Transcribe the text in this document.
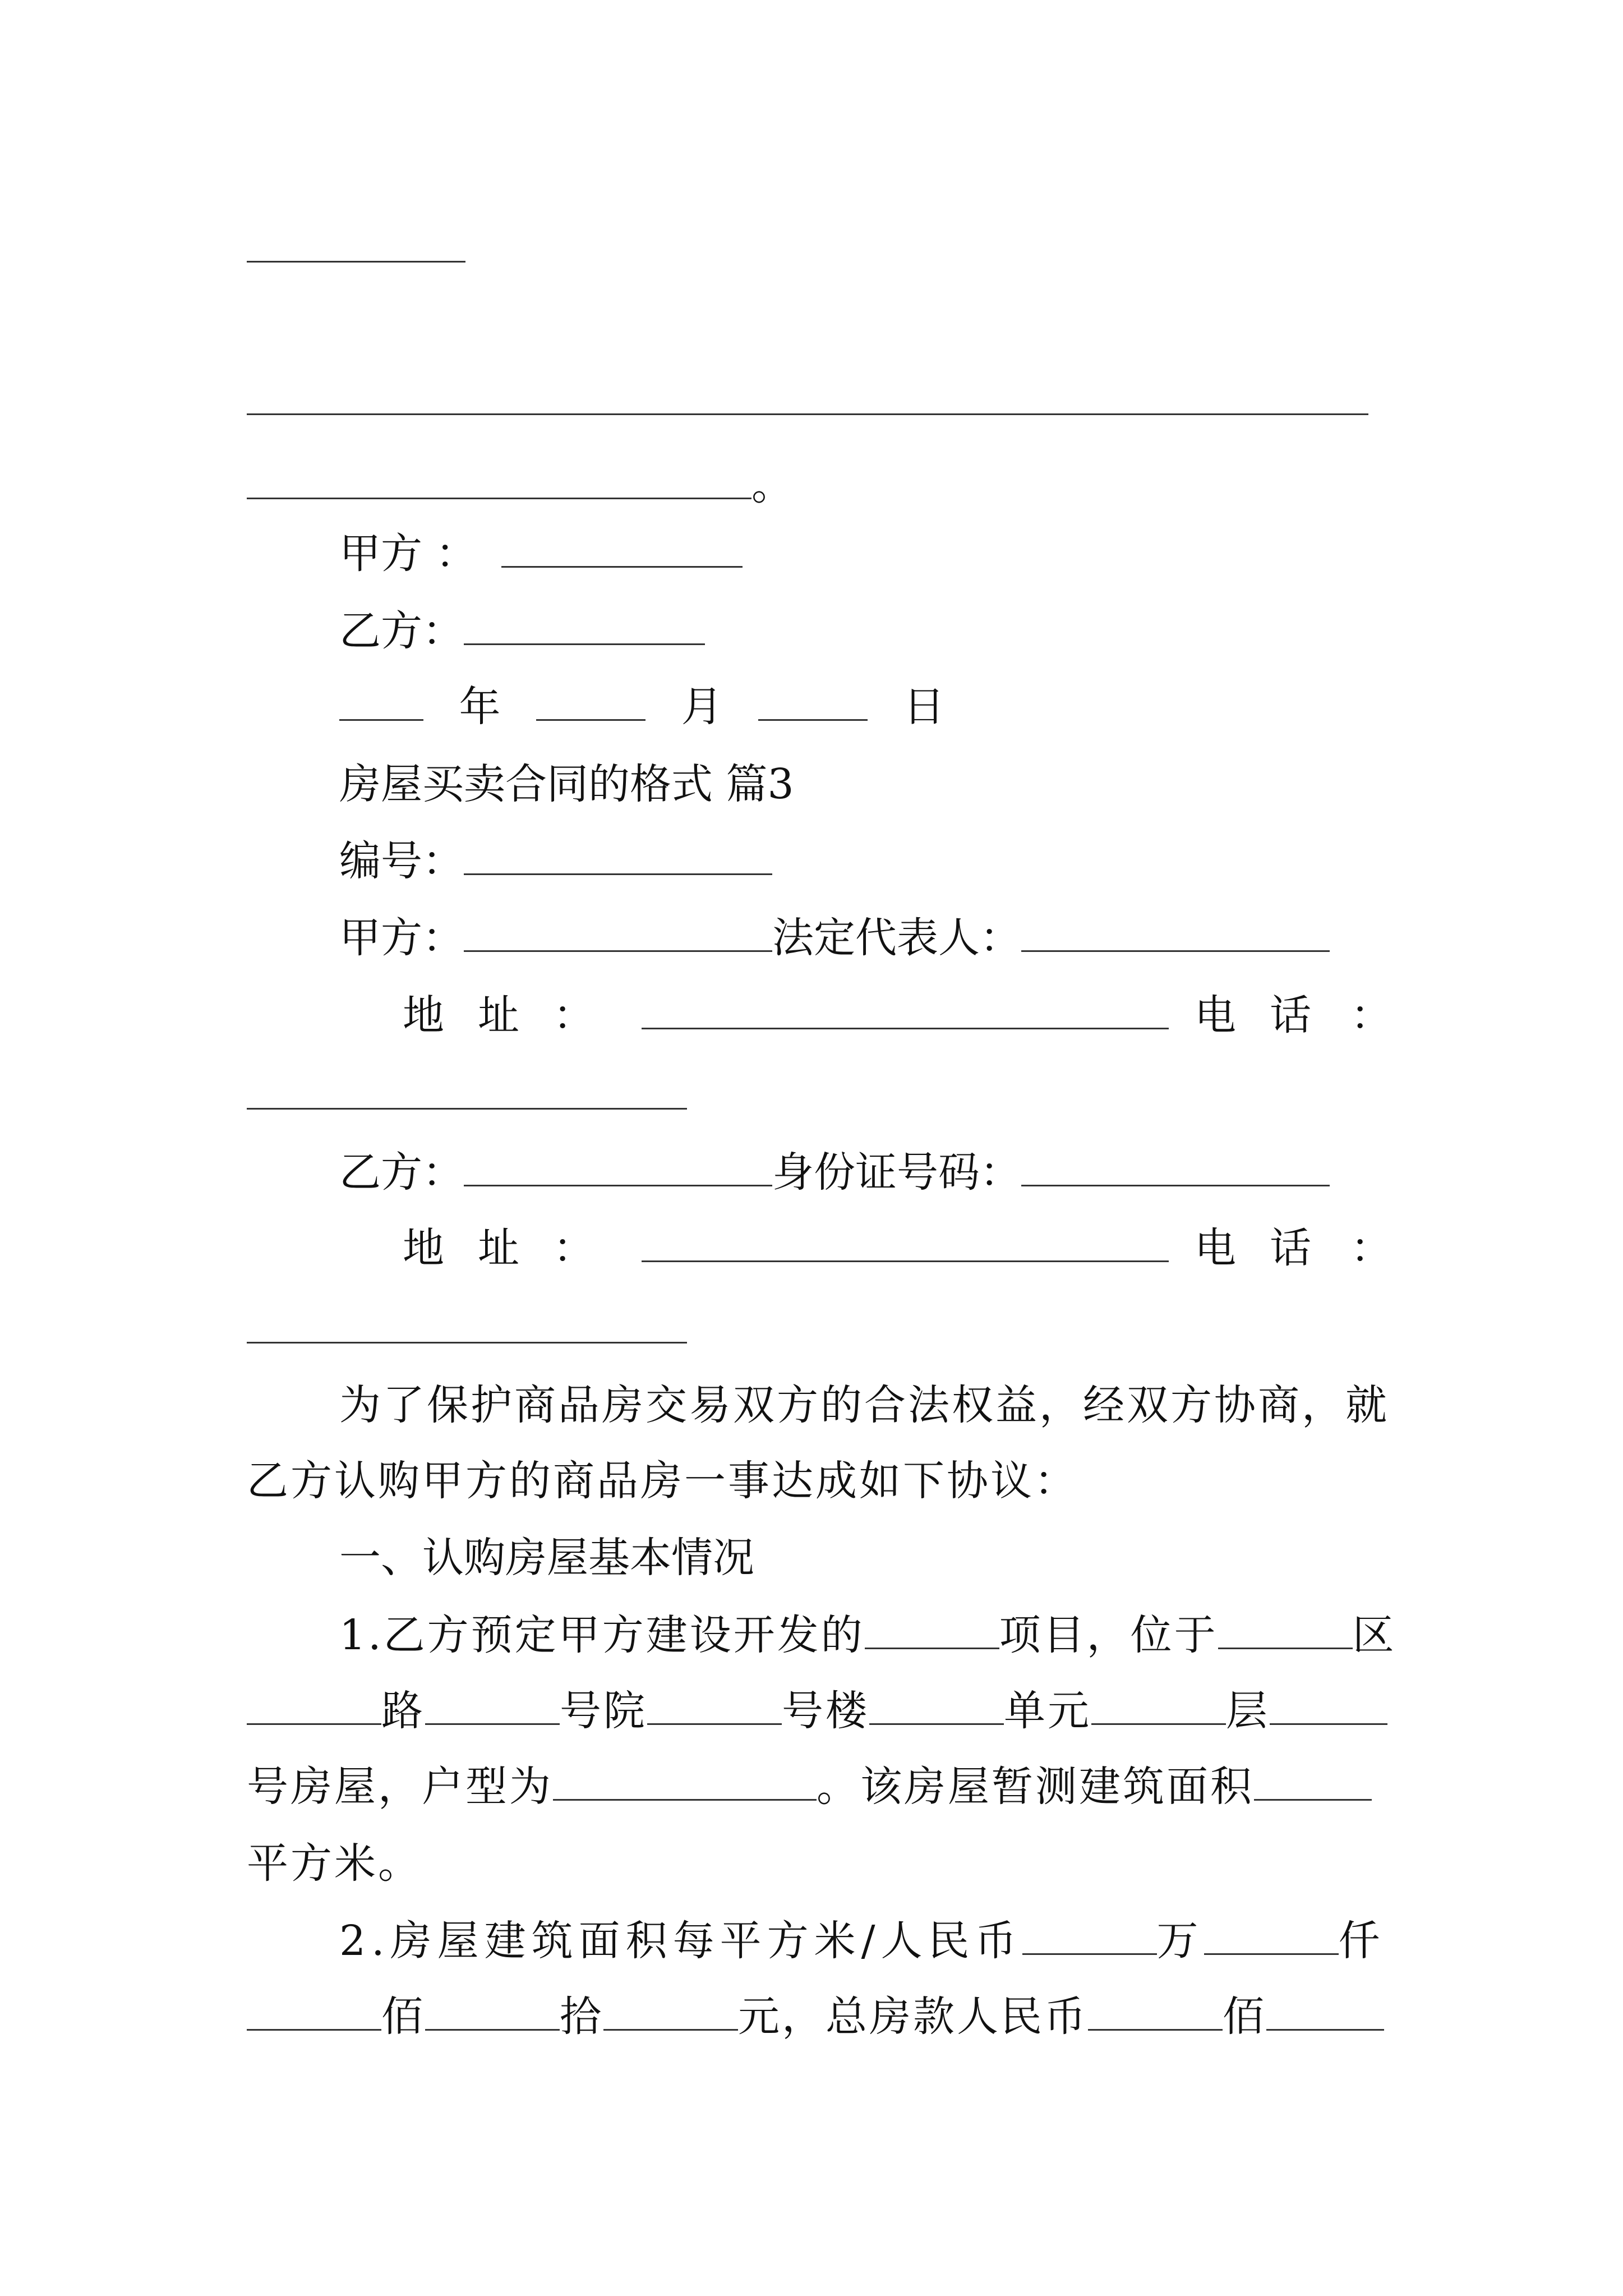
。
甲方 ：
乙方：
年	月	日
房屋买卖合同的格式 篇3
编号：
甲方：	法定代表人：
地 址 ：	电 话 ：
乙方：	身份证号码：
地 址 ：	电 话 ：
为了保护商品房交易双方的合法权益，经双方协商，就
乙方认购甲方的商品房一事达成如下协议：
一、认购房屋基本情况
1.乙方预定甲方建设开发的	项目，位于	区
路	号院	号楼	单元	层
号房屋，户型为	。该房屋暂测建筑面积
平方米。
2.房屋建筑面积每平方米/人民币	万	仟
佰	拾	元，总房款人民币	佰
